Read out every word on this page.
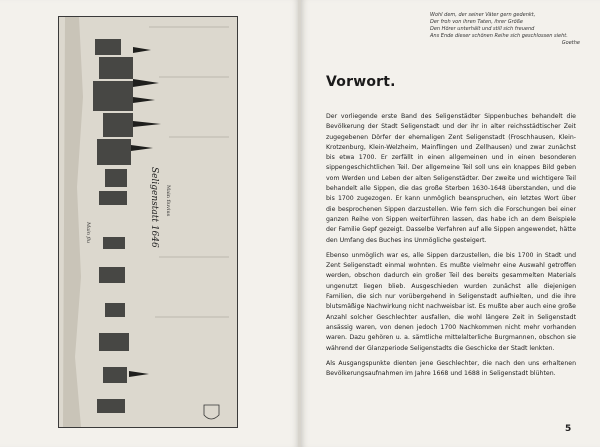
Seligenstatt 1646 Main fluvius
Main flu
Wohl dem, der seiner Väter gern gedenkt,
Der froh von ihren Taten, ihrer Größe
Den Hörer unterhält und still sich freuend
Ans Ende dieser schönen Reihe sich geschlossen sieht.
Goethe
Vorwort.

Der vorliegende erste Band des Seligenstädter Sippenbuches behandelt die Bevölkerung der Stadt Seligenstadt und der ihr in alter reichsstädtischer Zeit zugegebenen Dörfer der ehemaligen Zent Seligenstadt (Froschhausen, Klein-Krotzenburg, Klein-Welzheim, Mainflingen und Zellhausen) und zwar zunächst bis etwa 1700. Er zerfällt in einen allgemeinen und in einen besonderen sippengeschichtlichen Teil. Der allgemeine Teil soll uns ein knappes Bild geben vom Werden und Leben der alten Seligenstädter. Der zweite und wichtigere Teil behandelt alle Sippen, die das große Sterben 1630-1648 überstanden, und die bis 1700 zugezogen. Er kann unmöglich beanspruchen, ein letztes Wort über die besprochenen Sippen darzustellen. Wie fern sich die Forschungen bei einer ganzen Reihe von Sippen weiterführen lassen, das habe ich an dem Beispiele der Familie Gepf gezeigt. Dasselbe Verfahren auf alle Sippen angewendet, hätte den Umfang des Buches ins Unmögliche gesteigert.

Ebenso unmöglich war es, alle Sippen darzustellen, die bis 1700 in Stadt und Zent Seligenstadt einmal wohnten. Es mußte vielmehr eine Auswahl getroffen werden, obschon dadurch ein großer Teil des bereits gesammelten Materials ungenutzt liegen blieb. Ausgeschieden wurden zunächst alle diejenigen Familien, die sich nur vorübergehend in Seligenstadt aufhielten, und die ihre blutsmäßige Nachwirkung nicht nachweisbar ist. Es mußte aber auch eine große Anzahl solcher Geschlechter ausfallen, die wohl längere Zeit in Seligenstadt ansässig waren, von denen jedoch 1700 Nachkommen nicht mehr vorhanden waren. Dazu gehören u. a. sämtliche mittelalterliche Burgmannen, obschon sie während der Glanzperiode Seligenstadts die Geschicke der Stadt lenkten.

Als Ausgangspunkte dienten jene Geschlechter, die nach den uns erhaltenen Bevölkerungsaufnahmen im Jahre 1668 und 1688 in Seligenstadt blühten.

5
